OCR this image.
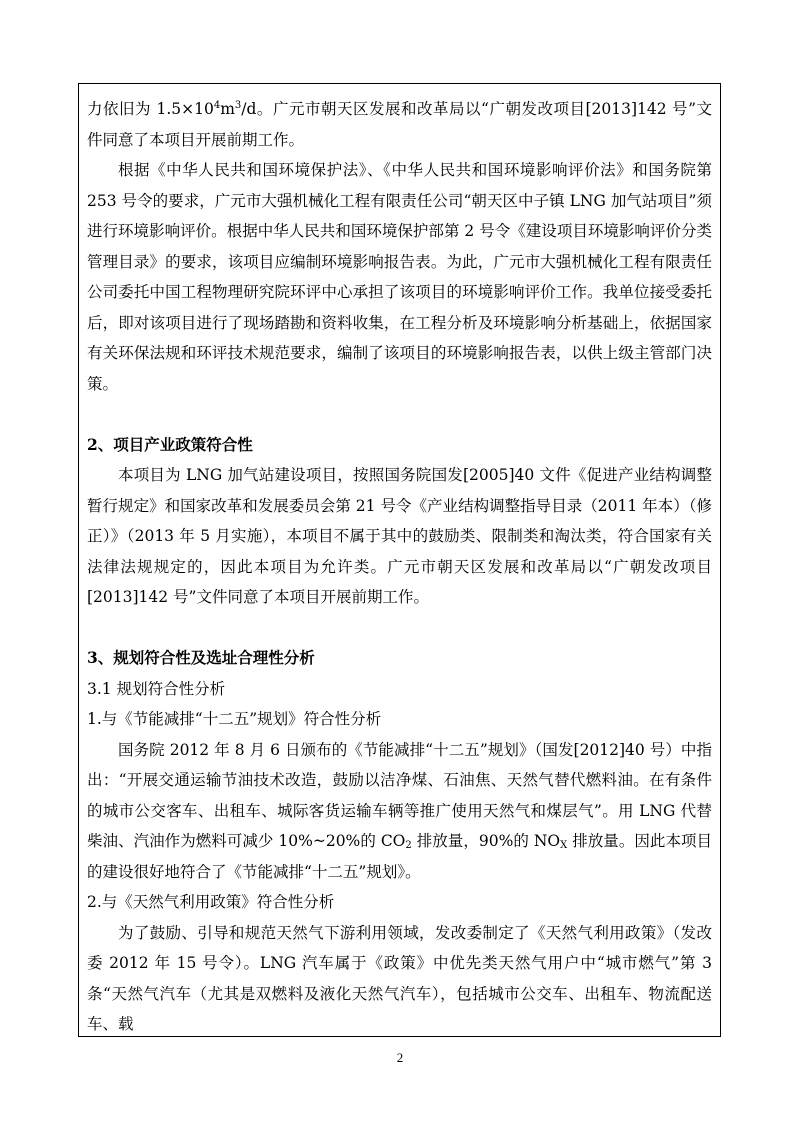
力依旧为 $1.5\times 10^4m^3/d$。广元市朝天区发展和改革局以“广朝发改项目[2013]142 号”文件同意了本项目开展前期工作。

根据《中华人民共和国环境保护法》、《中华人民共和国环境影响评价法》和国务院第 253 号令的要求，广元市大强机械化工程有限责任公司“朝天区中子镇 LNG 加气站项目”须进行环境影响评价。根据中华人民共和国环境保护部第 2 号令《建设项目环境影响评价分类管理目录》的要求，该项目应编制环境影响报告表。为此，广元市大强机械化工程有限责任公司委托中国工程物理研究院环评中心承担了该项目的环境影响评价工作。我单位接受委托后，即对该项目进行了现场踏勘和资料收集，在工程分析及环境影响分析基础上，依据国家有关环保法规和环评技术规范要求，编制了该项目的环境影响报告表，以供上级主管部门决策。

2、项目产业政策符合性

本项目为 LNG 加气站建设项目，按照国务院国发[2005]40 文件《促进产业结构调整暂行规定》和国家改革和发展委员会第 21 号令《产业结构调整指导目录（2011 年本）（修正）》（2013 年 5 月实施），本项目不属于其中的鼓励类、限制类和淘汰类，符合国家有关法律法规规定的，因此本项目为允许类。广元市朝天区发展和改革局以“广朝发改项目[2013]142 号”文件同意了本项目开展前期工作。

3、规划符合性及选址合理性分析

3.1 规划符合性分析

1.与《节能减排“十二五”规划》符合性分析

国务院 2012 年 8 月 6 日颁布的《节能减排“十二五”规划》（国发[2012]40 号）中指出：“开展交通运输节油技术改造，鼓励以洁净煤、石油焦、天然气替代燃料油。在有条件的城市公交客车、出租车、城际客货运输车辆等推广使用天然气和煤层气”。用 LNG 代替柴油、汽油作为燃料可减少 10%~20%的 $CO_2$ 排放量，90%的 $NO_X$ 排放量。因此本项目的建设很好地符合了《节能减排“十二五”规划》。

2.与《天然气利用政策》符合性分析

为了鼓励、引导和规范天然气下游利用领域，发改委制定了《天然气利用政策》（发改委 2012 年 15 号令）。LNG 汽车属于《政策》中优先类天然气用户中“城市燃气”第 3 条“天然气汽车（尤其是双燃料及液化天然气汽车），包括城市公交车、出租车、物流配送车、载

2
